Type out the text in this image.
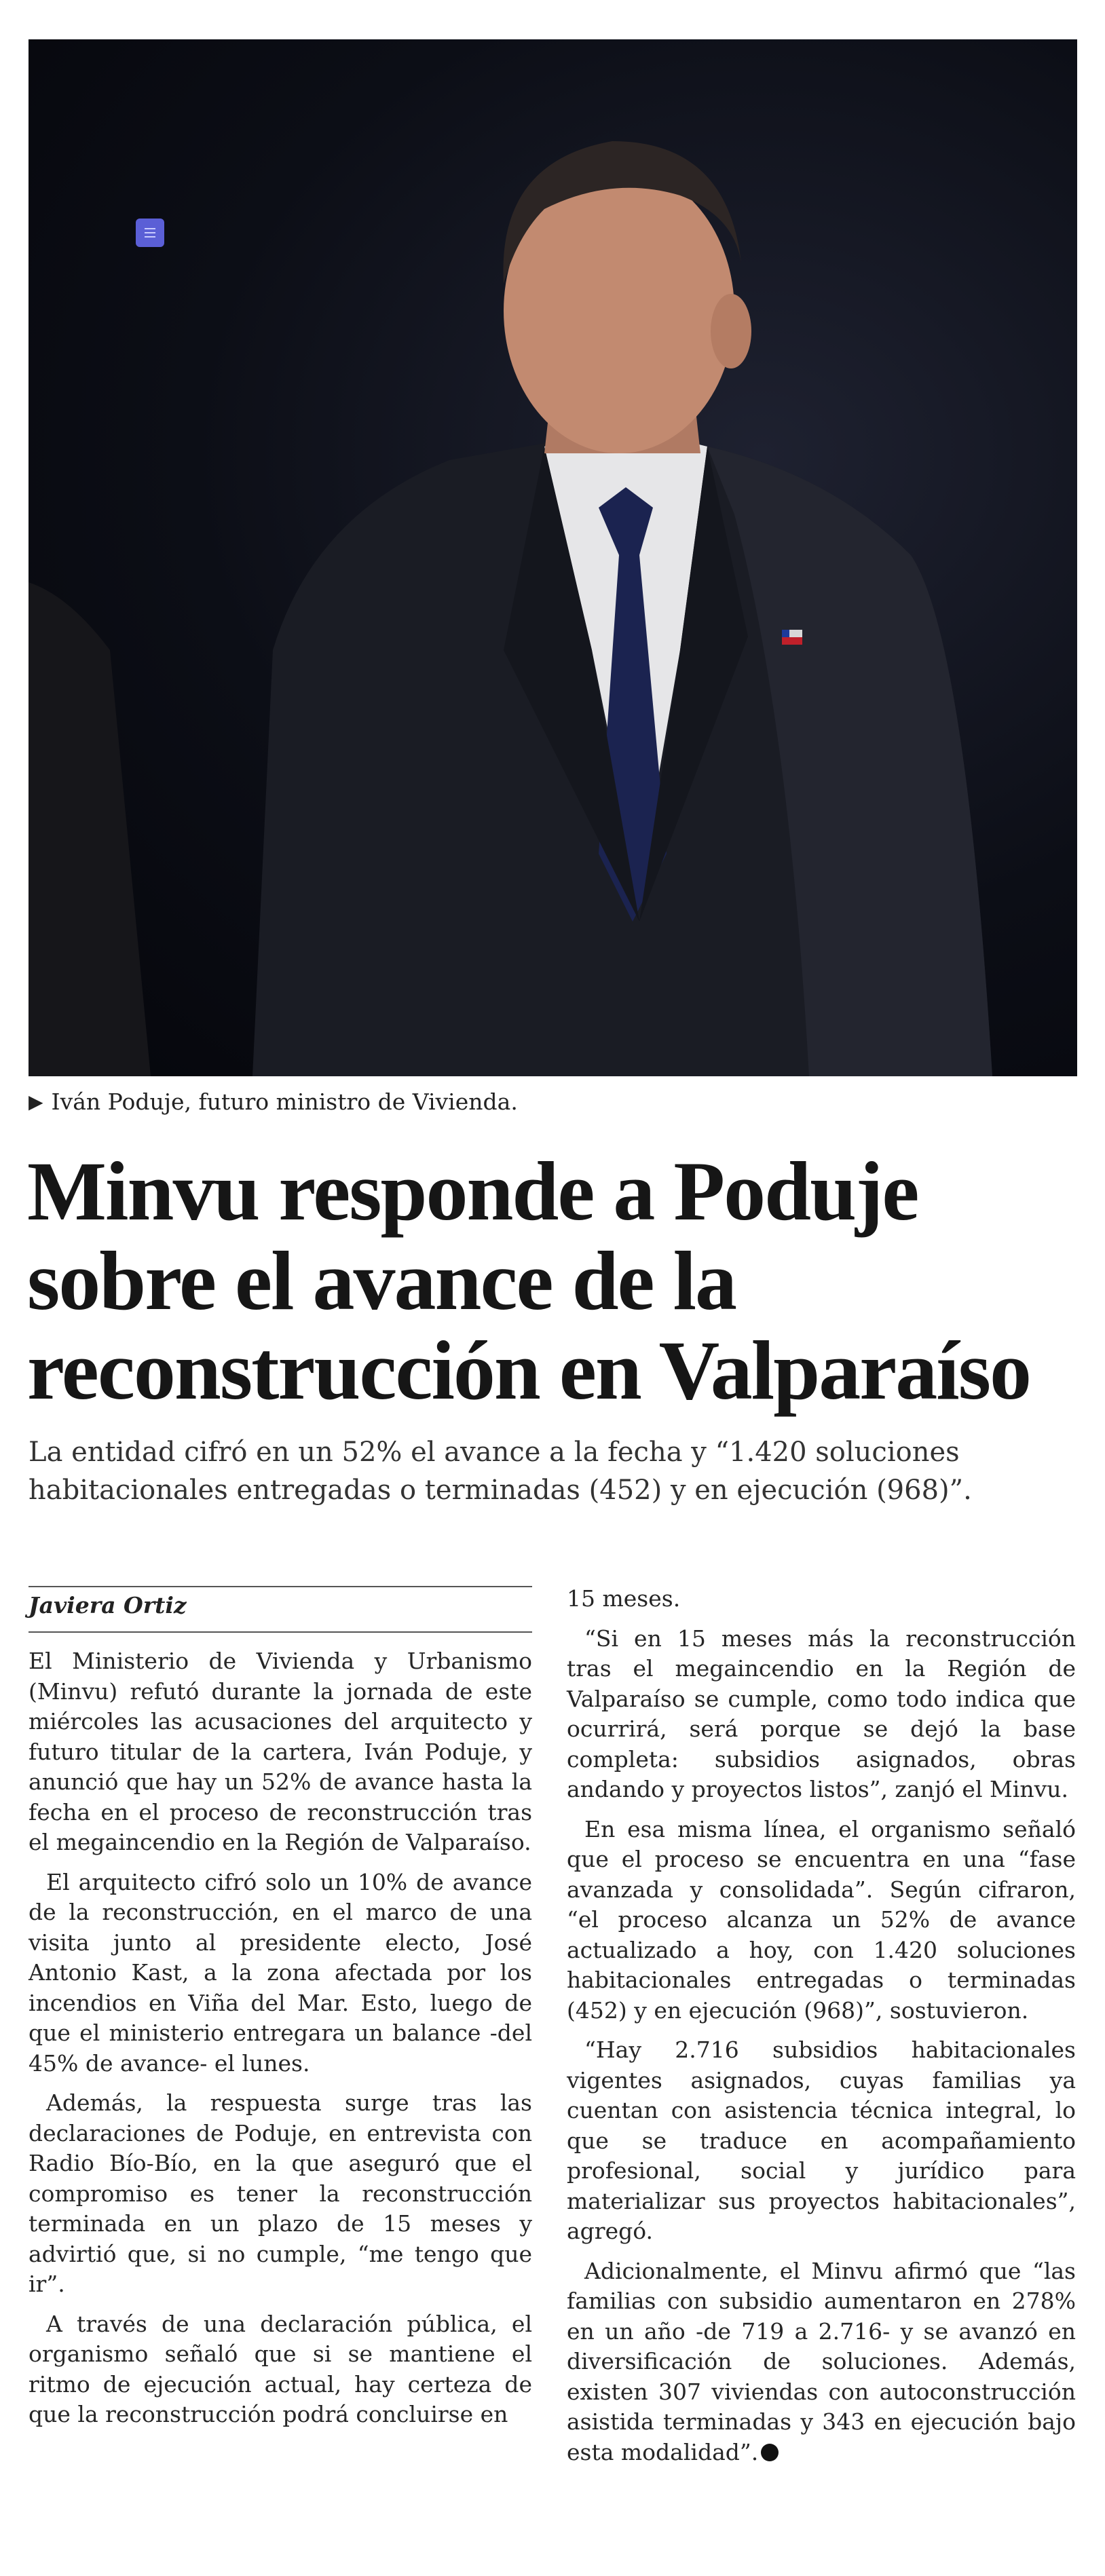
▶ Iván Poduje, futuro ministro de Vivienda.
Minvu responde a Poduje
sobre el avance de la
reconstrucción en Valparaíso

La entidad cifró en un 52% el avance a la fecha y “1.420 soluciones habitacionales entregadas o terminadas (452) y en ejecución (968)”.

Javiera Ortiz

El Ministerio de Vivienda y Urbanismo (Minvu) refutó durante la jornada de este miércoles las acusaciones del arquitecto y futuro titular de la cartera, Iván Poduje, y anunció que hay un 52% de avance hasta la fecha en el proceso de reconstrucción tras el megaincendio en la Región de Valparaíso.

El arquitecto cifró solo un 10% de avance de la reconstrucción, en el marco de una visita junto al presidente electo, José Antonio Kast, a la zona afectada por los incendios en Viña del Mar. Esto, luego de que el ministerio entregara un balance -del 45% de avance- el lunes.

Además, la respuesta surge tras las declaraciones de Poduje, en entrevista con Radio Bío-Bío, en la que aseguró que el compromiso es tener la reconstrucción terminada en un plazo de 15 meses y advirtió que, si no cumple, “me tengo que ir”.

A través de una declaración pública, el organismo señaló que si se mantiene el ritmo de ejecución actual, hay certeza de que la reconstrucción podrá concluirse en

15 meses.

“Si en 15 meses más la reconstrucción tras el megaincendio en la Región de Valparaíso se cumple, como todo indica que ocurrirá, será porque se dejó la base completa: subsidios asignados, obras andando y proyectos listos”, zanjó el Minvu.

En esa misma línea, el organismo señaló que el proceso se encuentra en una “fase avanzada y consolidada”. Según cifraron, “el proceso alcanza un 52% de avance actualizado a hoy, con 1.420 soluciones habitacionales entregadas o terminadas (452) y en ejecución (968)”, sostuvieron.

“Hay 2.716 subsidios habitacionales vigentes asignados, cuyas familias ya cuentan con asistencia técnica integral, lo que se traduce en acompañamiento profesional, social y jurídico para materializar sus proyectos habitacionales”, agregó.

Adicionalmente, el Minvu afirmó que “las familias con subsidio aumentaron en 278% en un año -de 719 a 2.716- y se avanzó en diversificación de soluciones. Además, existen 307 viviendas con autoconstrucción asistida terminadas y 343 en ejecución bajo esta modalidad”.
